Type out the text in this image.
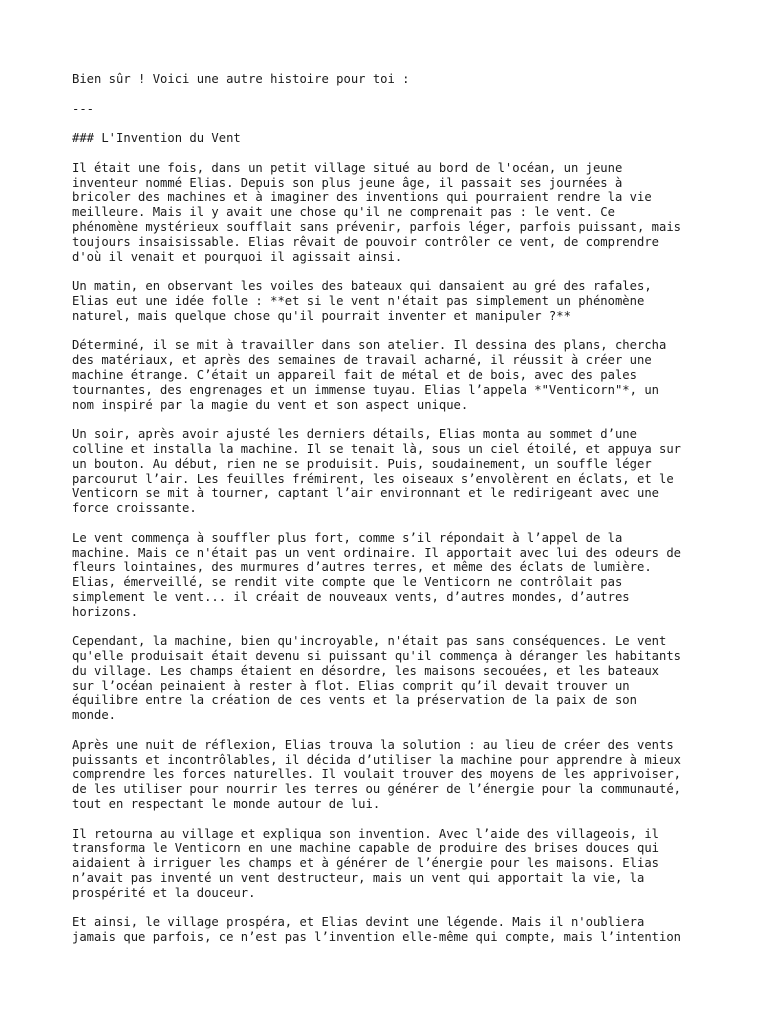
Bien sûr ! Voici une autre histoire pour toi :

---

### L'Invention du Vent

Il était une fois, dans un petit village situé au bord de l'océan, un jeune
inventeur nommé Elias. Depuis son plus jeune âge, il passait ses journées à
bricoler des machines et à imaginer des inventions qui pourraient rendre la vie
meilleure. Mais il y avait une chose qu'il ne comprenait pas : le vent. Ce
phénomène mystérieux soufflait sans prévenir, parfois léger, parfois puissant, mais
toujours insaisissable. Elias rêvait de pouvoir contrôler ce vent, de comprendre
d'où il venait et pourquoi il agissait ainsi.

Un matin, en observant les voiles des bateaux qui dansaient au gré des rafales,
Elias eut une idée folle : **et si le vent n'était pas simplement un phénomène
naturel, mais quelque chose qu'il pourrait inventer et manipuler ?**

Déterminé, il se mit à travailler dans son atelier. Il dessina des plans, chercha
des matériaux, et après des semaines de travail acharné, il réussit à créer une
machine étrange. C’était un appareil fait de métal et de bois, avec des pales
tournantes, des engrenages et un immense tuyau. Elias l’appela *"Venticorn"*, un
nom inspiré par la magie du vent et son aspect unique.

Un soir, après avoir ajusté les derniers détails, Elias monta au sommet d’une
colline et installa la machine. Il se tenait là, sous un ciel étoilé, et appuya sur
un bouton. Au début, rien ne se produisit. Puis, soudainement, un souffle léger
parcourut l’air. Les feuilles frémirent, les oiseaux s’envolèrent en éclats, et le
Venticorn se mit à tourner, captant l’air environnant et le redirigeant avec une
force croissante.

Le vent commença à souffler plus fort, comme s’il répondait à l’appel de la
machine. Mais ce n'était pas un vent ordinaire. Il apportait avec lui des odeurs de
fleurs lointaines, des murmures d’autres terres, et même des éclats de lumière.
Elias, émerveillé, se rendit vite compte que le Venticorn ne contrôlait pas
simplement le vent... il créait de nouveaux vents, d’autres mondes, d’autres
horizons.

Cependant, la machine, bien qu'incroyable, n'était pas sans conséquences. Le vent
qu'elle produisait était devenu si puissant qu'il commença à déranger les habitants
du village. Les champs étaient en désordre, les maisons secouées, et les bateaux
sur l’océan peinaient à rester à flot. Elias comprit qu’il devait trouver un
équilibre entre la création de ces vents et la préservation de la paix de son
monde.

Après une nuit de réflexion, Elias trouva la solution : au lieu de créer des vents
puissants et incontrôlables, il décida d’utiliser la machine pour apprendre à mieux
comprendre les forces naturelles. Il voulait trouver des moyens de les apprivoiser,
de les utiliser pour nourrir les terres ou générer de l’énergie pour la communauté,
tout en respectant le monde autour de lui.

Il retourna au village et expliqua son invention. Avec l’aide des villageois, il
transforma le Venticorn en une machine capable de produire des brises douces qui
aidaient à irriguer les champs et à générer de l’énergie pour les maisons. Elias
n’avait pas inventé un vent destructeur, mais un vent qui apportait la vie, la
prospérité et la douceur.

Et ainsi, le village prospéra, et Elias devint une légende. Mais il n'oubliera
jamais que parfois, ce n’est pas l’invention elle-même qui compte, mais l’intention
